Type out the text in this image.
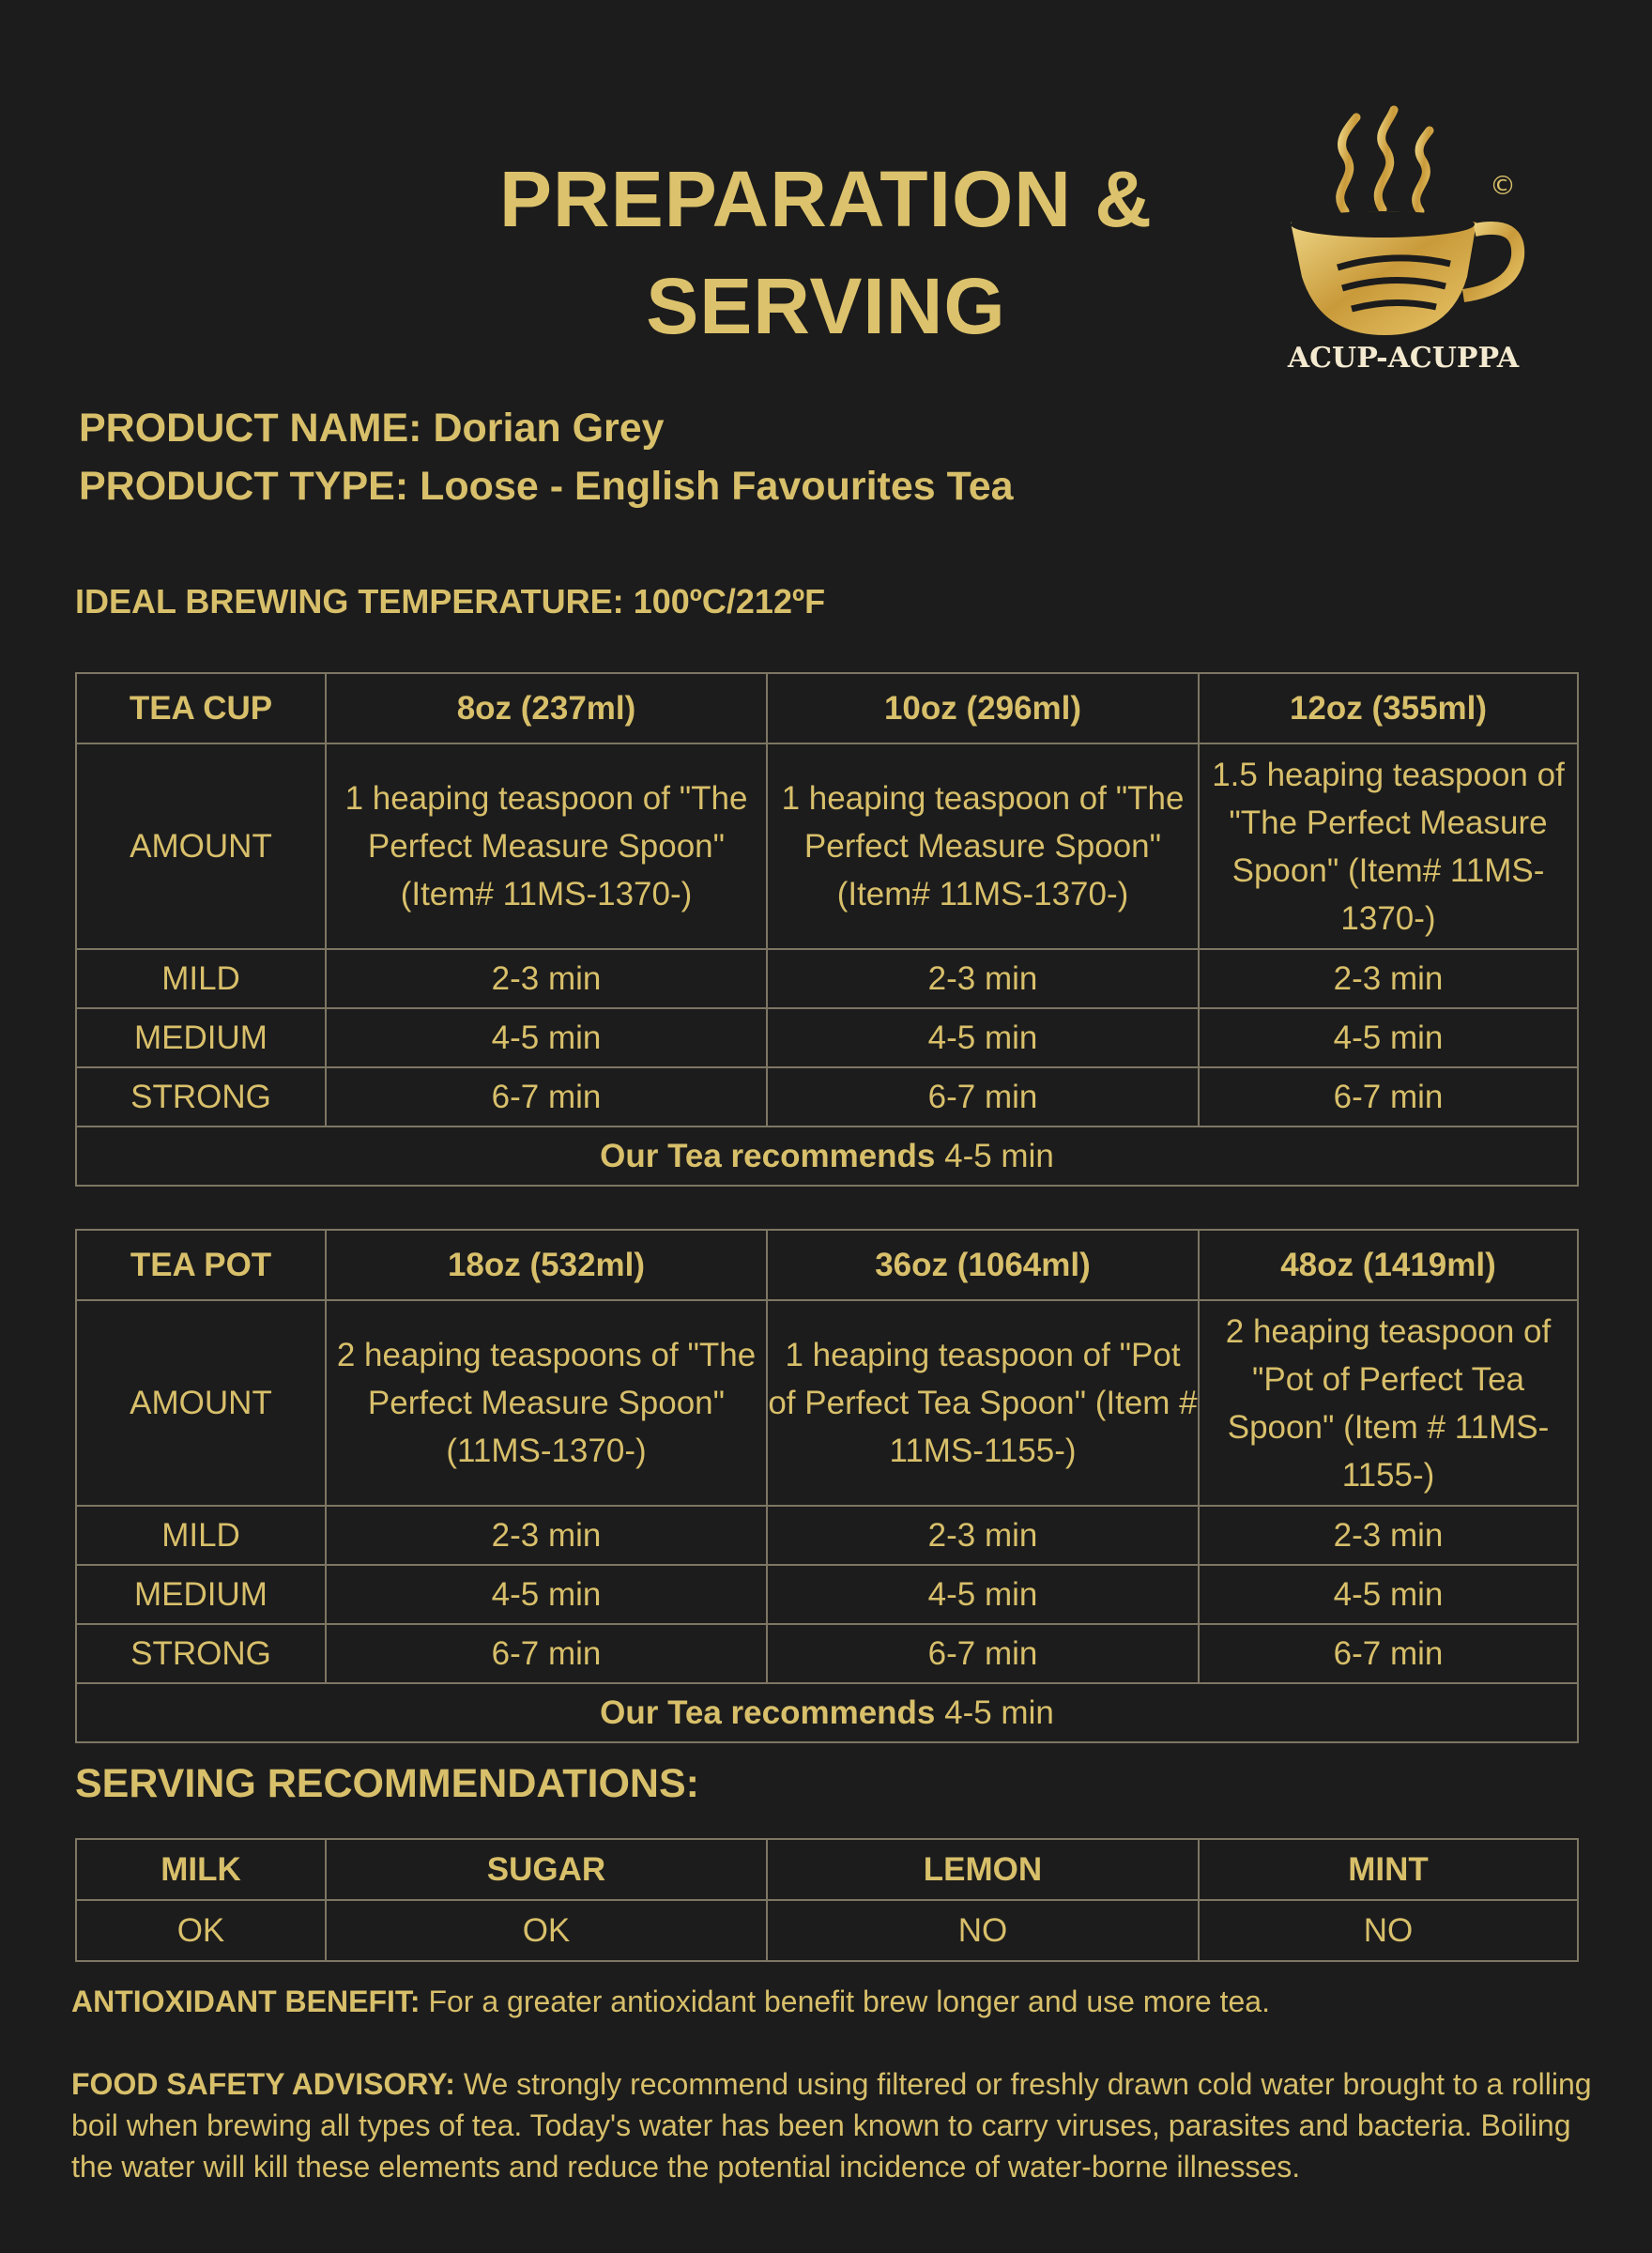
PREPARATION &
SERVING
©
ACUP-ACUPPA
PRODUCT NAME: Dorian Grey
PRODUCT TYPE: Loose - English Favourites Tea
IDEAL BREWING TEMPERATURE: 100ºC/212ºF
TEA CUP	8oz (237ml)	10oz (296ml)	12oz (355ml)
AMOUNT	1 heaping teaspoon of "The Perfect Measure Spoon" (Item# 11MS-1370-)	1 heaping teaspoon of "The Perfect Measure Spoon" (Item# 11MS-1370-)	1.5 heaping teaspoon of "The Perfect Measure Spoon" (Item# 11MS-1370-)
MILD	2-3 min	2-3 min	2-3 min
MEDIUM	4-5 min	4-5 min	4-5 min
STRONG	6-7 min	6-7 min	6-7 min
Our Tea recommends 4-5 min			
TEA POT	18oz (532ml)	36oz (1064ml)	48oz (1419ml)
AMOUNT	2 heaping teaspoons of "The Perfect Measure Spoon" (11MS-1370-)	1 heaping teaspoon of "Pot of Perfect Tea Spoon" (Item # 11MS-1155-)	2 heaping teaspoon of "Pot of Perfect Tea Spoon" (Item # 11MS-1155-)
MILD	2-3 min	2-3 min	2-3 min
MEDIUM	4-5 min	4-5 min	4-5 min
STRONG	6-7 min	6-7 min	6-7 min
Our Tea recommends 4-5 min			
SERVING RECOMMENDATIONS:
MILK	SUGAR	LEMON	MINT
OK	OK	NO	NO
ANTIOXIDANT BENEFIT: For a greater antioxidant benefit brew longer and use more tea.
FOOD SAFETY ADVISORY: We strongly recommend using filtered or freshly drawn cold water brought to a rolling boil when brewing all types of tea. Today's water has been known to carry viruses, parasites and bacteria. Boiling the water will kill these elements and reduce the potential incidence of water-borne illnesses.
